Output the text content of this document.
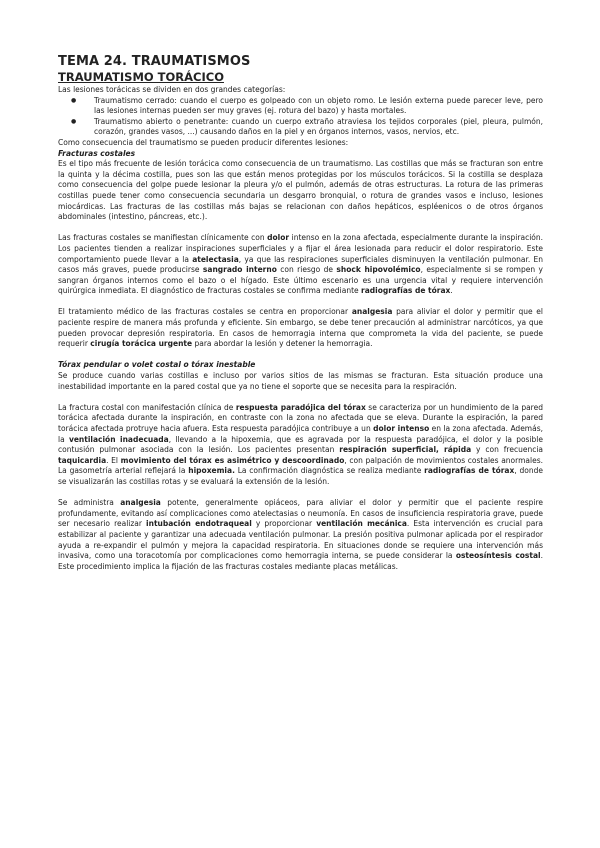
TEMA 24. TRAUMATISMOS
TRAUMATISMO TORÁCICO

Las lesiones torácicas se dividen en dos grandes categorías:

● Traumatismo cerrado: cuando el cuerpo es golpeado con un objeto romo. Le lesión externa puede parecer leve, pero las lesiones internas pueden ser muy graves (ej. rotura del bazo) y hasta mortales.
● Traumatismo abierto o penetrante: cuando un cuerpo extraño atraviesa los tejidos corporales (piel, pleura, pulmón, corazón, grandes vasos, ...) causando daños en la piel y en órganos internos, vasos, nervios, etc.

Como consecuencia del traumatismo se pueden producir diferentes lesiones:

Fracturas costales

Es el tipo más frecuente de lesión torácica como consecuencia de un traumatismo. Las costillas que más se fracturan son entre la quinta y la décima costilla, pues son las que están menos protegidas por los músculos torácicos. Si la costilla se desplaza como consecuencia del golpe puede lesionar la pleura y/o el pulmón, además de otras estructuras. La rotura de las primeras costillas puede tener como consecuencia secundaria un desgarro bronquial, o rotura de grandes vasos e incluso, lesiones miocárdicas. Las fracturas de las costillas más bajas se relacionan con daños hepáticos, espléenicos o de otros órganos abdominales (intestino, páncreas, etc.).

Las fracturas costales se manifiestan clínicamente con dolor intenso en la zona afectada, especialmente durante la inspiración. Los pacientes tienden a realizar inspiraciones superficiales y a fijar el área lesionada para reducir el dolor respiratorio. Este comportamiento puede llevar a la atelectasia, ya que las respiraciones superficiales disminuyen la ventilación pulmonar. En casos más graves, puede producirse sangrado interno con riesgo de shock hipovolémico, especialmente si se rompen y sangran órganos internos como el bazo o el hígado. Este último escenario es una urgencia vital y requiere intervención quirúrgica inmediata. El diagnóstico de fracturas costales se confirma mediante radiografías de tórax.

El tratamiento médico de las fracturas costales se centra en proporcionar analgesia para aliviar el dolor y permitir que el paciente respire de manera más profunda y eficiente. Sin embargo, se debe tener precaución al administrar narcóticos, ya que pueden provocar depresión respiratoria. En casos de hemorragia interna que comprometa la vida del paciente, se puede requerir cirugía torácica urgente para abordar la lesión y detener la hemorragia.

Tórax pendular o volet costal o tórax inestable

Se produce cuando varias costillas e incluso por varios sitios de las mismas se fracturan. Esta situación produce una inestabilidad importante en la pared costal que ya no tiene el soporte que se necesita para la respiración.

La fractura costal con manifestación clínica de respuesta paradójica del tórax se caracteriza por un hundimiento de la pared torácica afectada durante la inspiración, en contraste con la zona no afectada que se eleva. Durante la espiración, la pared torácica afectada protruye hacia afuera. Esta respuesta paradójica contribuye a un dolor intenso en la zona afectada. Además, la ventilación inadecuada, llevando a la hipoxemia, que es agravada por la respuesta paradójica, el dolor y la posible contusión pulmonar asociada con la lesión. Los pacientes presentan respiración superficial, rápida y con frecuencia taquicardia. El movimiento del tórax es asimétrico y descoordinado, con palpación de movimientos costales anormales. La gasometría arterial reflejará la hipoxemia. La confirmación diagnóstica se realiza mediante radiografías de tórax, donde se visualizarán las costillas rotas y se evaluará la extensión de la lesión.

Se administra analgesia potente, generalmente opiáceos, para aliviar el dolor y permitir que el paciente respire profundamente, evitando así complicaciones como atelectasias o neumonía. En casos de insuficiencia respiratoria grave, puede ser necesario realizar intubación endotraqueal y proporcionar ventilación mecánica. Esta intervención es crucial para estabilizar al paciente y garantizar una adecuada ventilación pulmonar. La presión positiva pulmonar aplicada por el respirador ayuda a re-expandir el pulmón y mejora la capacidad respiratoria. En situaciones donde se requiere una intervención más invasiva, como una toracotomía por complicaciones como hemorragia interna, se puede considerar la osteosíntesis costal. Este procedimiento implica la fijación de las fracturas costales mediante placas metálicas.
